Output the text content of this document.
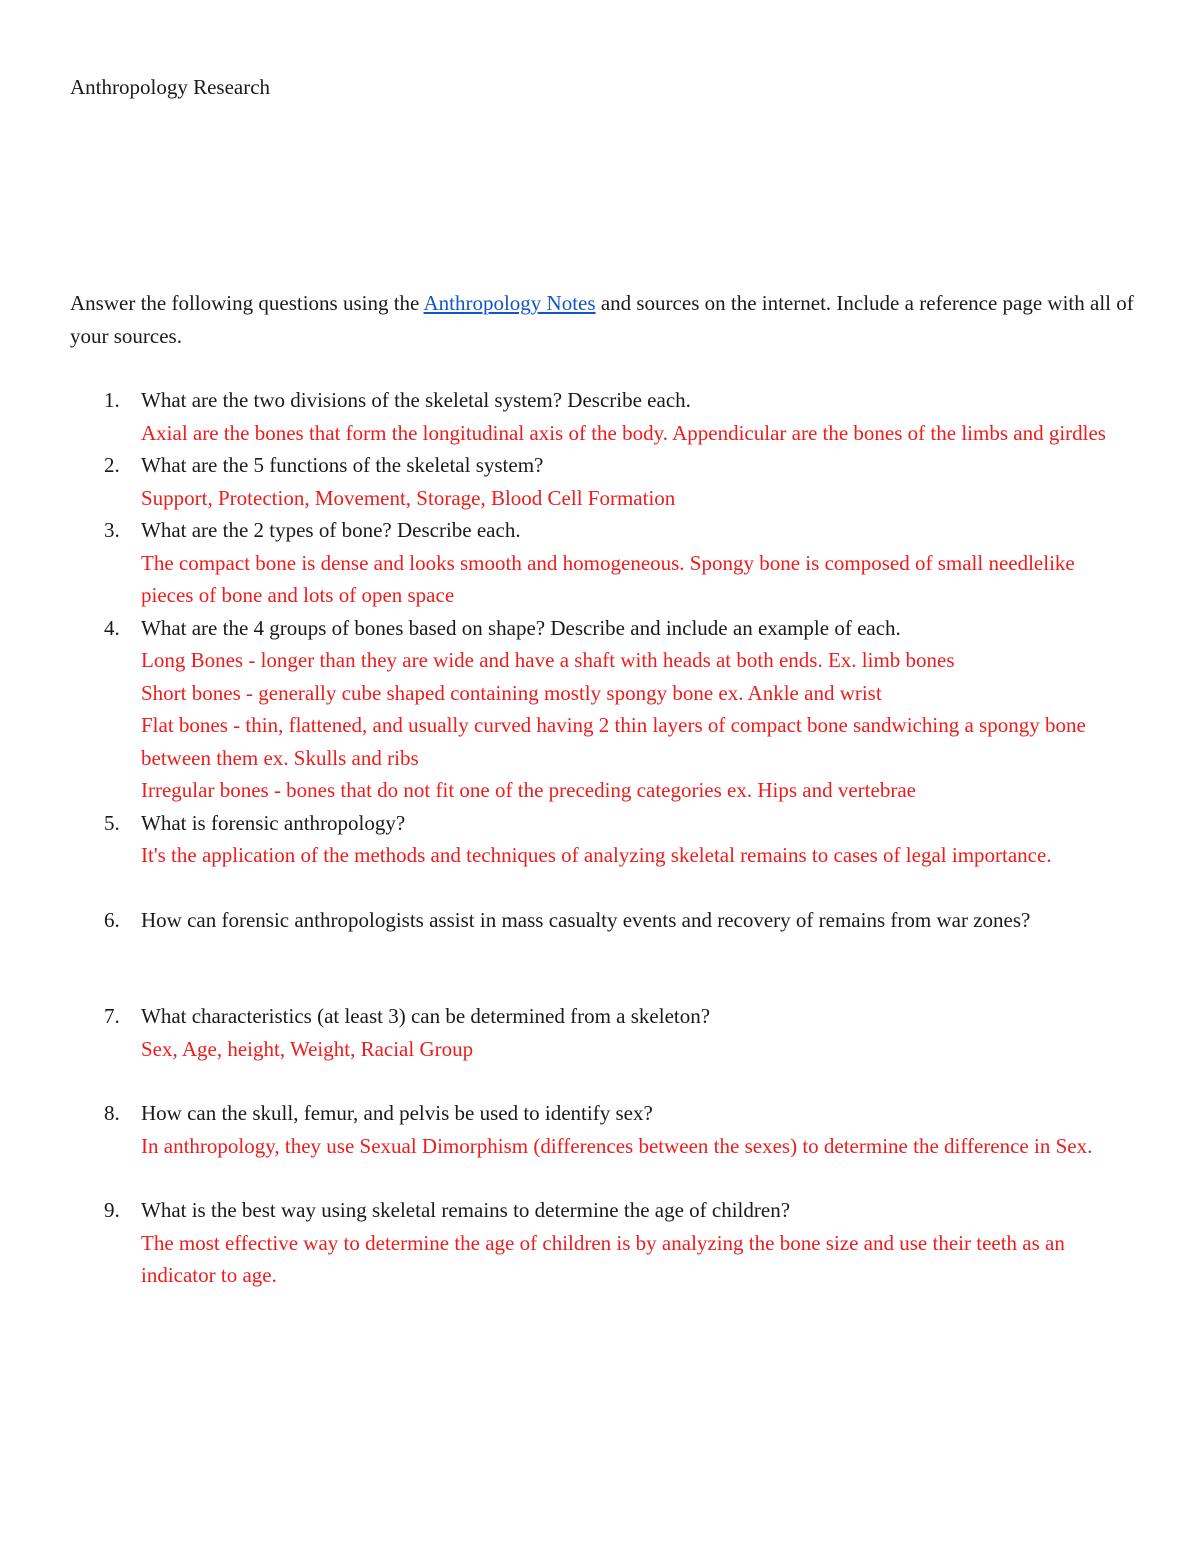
Anthropology Research

Answer the following questions using the Anthropology Notes and sources on the internet. Include a reference page with all of your sources.

1.	What are the two divisions of the skeletal system? Describe each.
Axial are the bones that form the longitudinal axis of the body. Appendicular are the bones of the limbs and girdles
2.	What are the 5 functions of the skeletal system?
Support, Protection, Movement, Storage, Blood Cell Formation
3.	What are the 2 types of bone? Describe each.
The compact bone is dense and looks smooth and homogeneous. Spongy bone is composed of small needlelike pieces of bone and lots of open space
4.	What are the 4 groups of bones based on shape? Describe and include an example of each.
Long Bones - longer than they are wide and have a shaft with heads at both ends. Ex. limb bones
Short bones - generally cube shaped containing mostly spongy bone ex. Ankle and wrist
Flat bones - thin, flattened, and usually curved having 2 thin layers of compact bone sandwiching a spongy bone between them ex. Skulls and ribs
Irregular bones - bones that do not fit one of the preceding categories ex. Hips and vertebrae
5.	What is forensic anthropology?
It's the application of the methods and techniques of analyzing skeletal remains to cases of legal importance.
6.	How can forensic anthropologists assist in mass casualty events and recovery of remains from war zones?
7.	What characteristics (at least 3) can be determined from a skeleton?
Sex, Age, height, Weight, Racial Group
8.	How can the skull, femur, and pelvis be used to identify sex?
In anthropology, they use Sexual Dimorphism (differences between the sexes) to determine the difference in Sex.
9.	What is the best way using skeletal remains to determine the age of children?
The most effective way to determine the age of children is by analyzing the bone size and use their teeth as an indicator to age.
